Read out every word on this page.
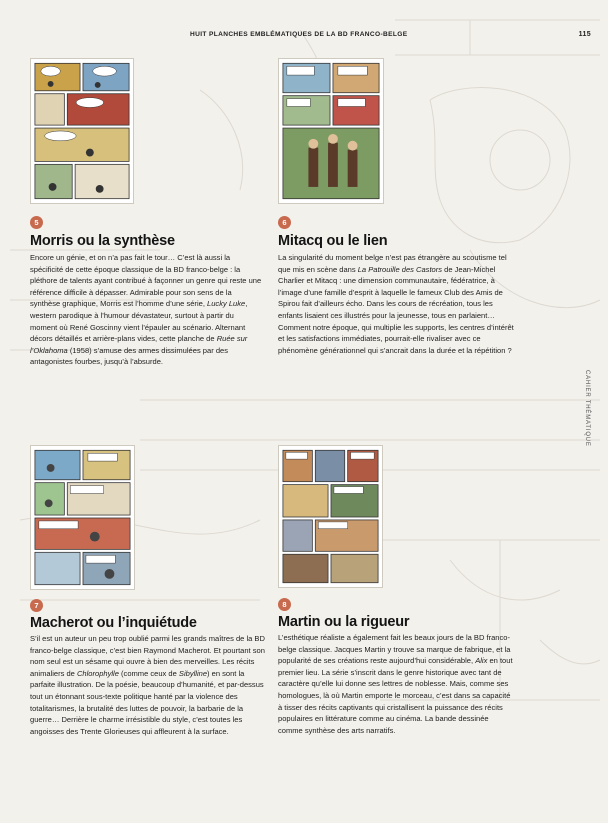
HUIT PLANCHES EMBLÉMATIQUES DE LA BD FRANCO-BELGE	115
CAHIER THÉMATIQUE
5
Morris ou la synthèse

Encore un génie, et on n’a pas fait le tour… C’est là aussi la spécificité de cette époque classique de la BD franco-belge : la pléthore de talents ayant contribué à façonner un genre qui reste une référence difficile à dépasser. Admirable pour son sens de la synthèse graphique, Morris est l’homme d’une série, Lucky Luke, western parodique à l’humour dévastateur, surtout à partir du moment où René Goscinny vient l’épauler au scénario. Alternant décors détaillés et arrière-plans vides, cette planche de Ruée sur l’Oklahoma (1958) s’amuse des armes dissimulées par des antagonistes fourbes, jusqu’à l’absurde.

6
Mitacq ou le lien

La singularité du moment belge n’est pas étrangère au scoutisme tel que mis en scène dans La Patrouille des Castors de Jean-Michel Charlier et Mitacq : une dimension communautaire, fédératrice, à l’image d’une famille d’esprit à laquelle le fameux Club des Amis de Spirou fait d’ailleurs écho. Dans les cours de récréation, tous les enfants lisaient ces illustrés pour la jeunesse, tous en parlaient… Comment notre époque, qui multiplie les supports, les centres d’intérêt et les satisfactions immédiates, pourrait-elle rivaliser avec ce phénomène générationnel qui s’ancrait dans la durée et la répétition ?

7
Macherot ou l’inquiétude

S’il est un auteur un peu trop oublié parmi les grands maîtres de la BD franco-belge classique, c’est bien Raymond Macherot. Et pourtant son nom seul est un sésame qui ouvre à bien des merveilles. Les récits animaliers de Chlorophylle (comme ceux de Sibylline) en sont la parfaite illustration. De la poésie, beaucoup d’humanité, et par-dessus tout un étonnant sous-texte politique hanté par la violence des totalitarismes, la brutalité des luttes de pouvoir, la barbarie de la guerre… Derrière le charme irrésistible du style, c’est toutes les angoisses des Trente Glorieuses qui affleurent à la surface.

8
Martin ou la rigueur

L’esthétique réaliste a également fait les beaux jours de la BD franco-belge classique. Jacques Martin y trouve sa marque de fabrique, et la popularité de ses créations reste aujourd’hui considérable, Alix en tout premier lieu. La série s’inscrit dans le genre historique avec tant de caractère qu’elle lui donne ses lettres de noblesse. Mais, comme ses homologues, là où Martin emporte le morceau, c’est dans sa capacité à tisser des récits captivants qui cristallisent la puissance des récits populaires en littérature comme au cinéma. La bande dessinée comme synthèse des arts narratifs.
